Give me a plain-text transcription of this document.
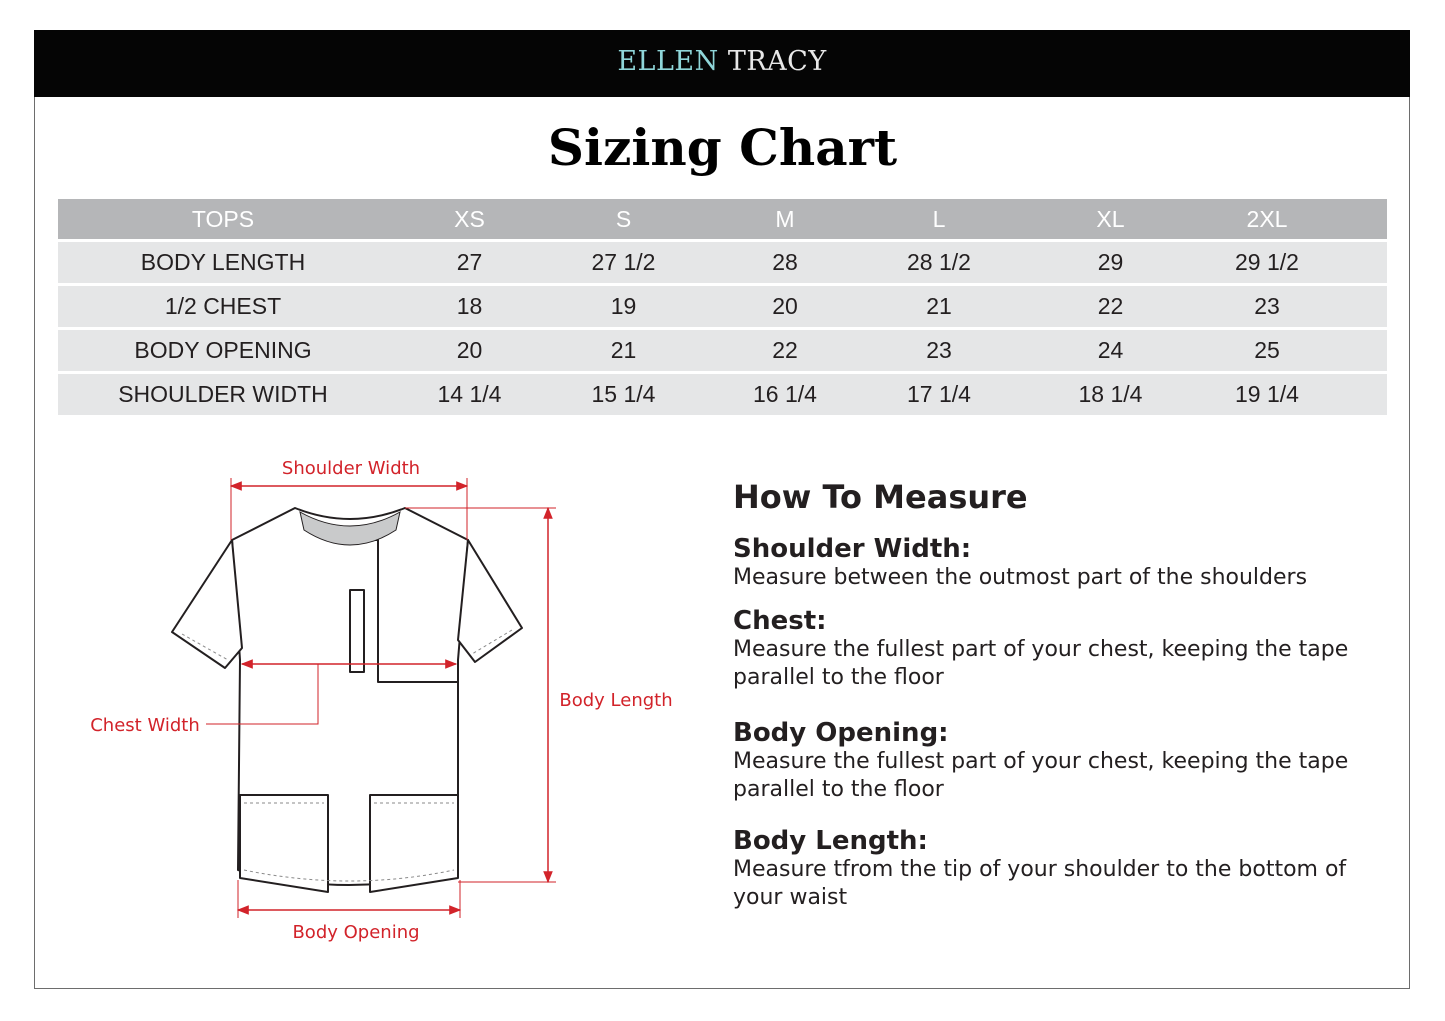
ELLEN TRACY
Sizing Chart
TOPS	XS	S	M	L	XL	2XL
BODY LENGTH	27	27 1/2	28	28 1/2	29	29 1/2
1/2 CHEST	18	19	20	21	22	23
BODY OPENING	20	21	22	23	24	25
SHOULDER WIDTH	14 1/4	15 1/4	16 1/4	17 1/4	18 1/4	19 1/4
Shoulder Width
Chest Width
Body Length
Body Opening
How To Measure
Shoulder Width:

Measure between the outmost part of the shoulders

Chest:

Measure the fullest part of your chest, keeping the tape parallel to the floor

Body Opening:

Measure the fullest part of your chest, keeping the tape parallel to the floor

Body Length:

Measure tfrom the tip of your shoulder to the bottom of your waist
